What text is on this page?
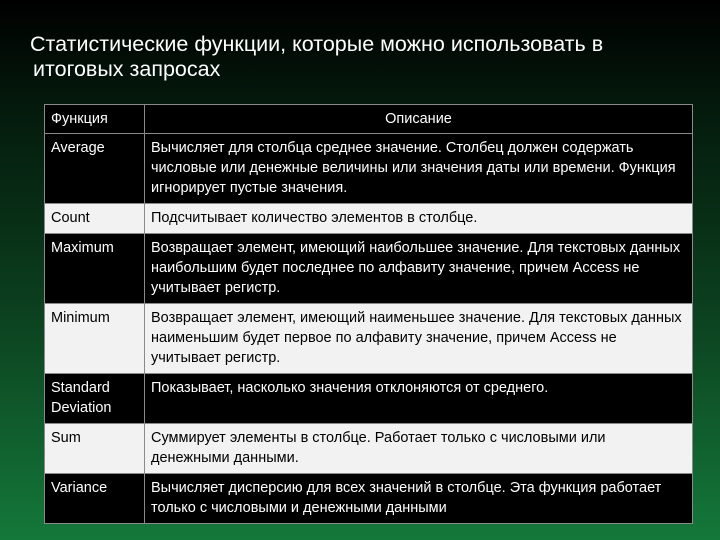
Статистические функции, которые можно использовать в
итоговых запросах
Функция	Описание
Average	Вычисляет для столбца среднее значение. Столбец должен содержать числовые или денежные величины или значения даты или времени. Функция игнорирует пустые значения.
Count	Подсчитывает количество элементов в столбце.
Maximum	Возвращает элемент, имеющий наибольшее значение. Для текстовых данных наибольшим будет последнее по алфавиту значение, причем Access не учитывает регистр.
Minimum	Возвращает элемент, имеющий наименьшее значение. Для текстовых данных наименьшим будет первое по алфавиту значение, причем Access не учитывает регистр.
Standard Deviation	Показывает, насколько значения отклоняются от среднего.
Sum	Суммирует элементы в столбце. Работает только с числовыми или денежными данными.
Variance	Вычисляет дисперсию для всех значений в столбце. Эта функция работает только с числовыми и денежными данными
